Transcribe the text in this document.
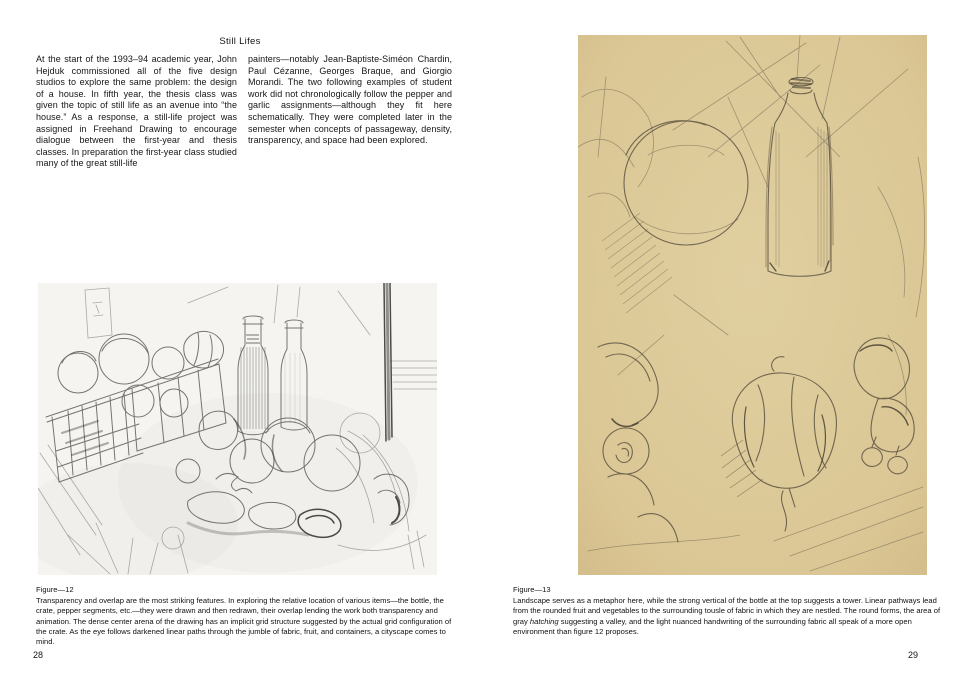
Still Lifes
At the start of the 1993–94 academic year, John Hejduk commissioned all of the five design studios to explore the same problem: the design of a house. In fifth year, the thesis class was given the topic of still life as an avenue into “the house.” As a response, a still-life project was assigned in Freehand Drawing to encourage dialogue between the first-year and thesis classes. In preparation the first-year class studied many of the great still-life
painters—notably Jean-Baptiste-Siméon Chardin, Paul Cézanne, Georges Braque, and Giorgio Morandi. The two following examples of student work did not chronologically follow the pepper and garlic assignments—although they fit here schematically. They were completed later in the semester when concepts of passageway, density, transparency, and space had been explored.
Figure—12
Transparency and overlap are the most striking features. In exploring the relative location of various items—the bottle, the crate, pepper segments, etc.—they were drawn and then redrawn, their overlap lending the work both transparency and animation. The dense center arena of the drawing has an implicit grid structure suggested by the actual grid configuration of the crate. As the eye follows darkened linear paths through the jumble of fabric, fruit, and containers, a cityscape comes to mind.
28
Figure—13
Landscape serves as a metaphor here, while the strong vertical of the bottle at the top suggests a tower. Linear pathways lead from the rounded fruit and vegetables to the surrounding tousle of fabric in which they are nestled. The round forms, the area of gray hatching suggesting a valley, and the light nuanced handwriting of the surrounding fabric all speak of a more open environment than figure 12 proposes.
29
